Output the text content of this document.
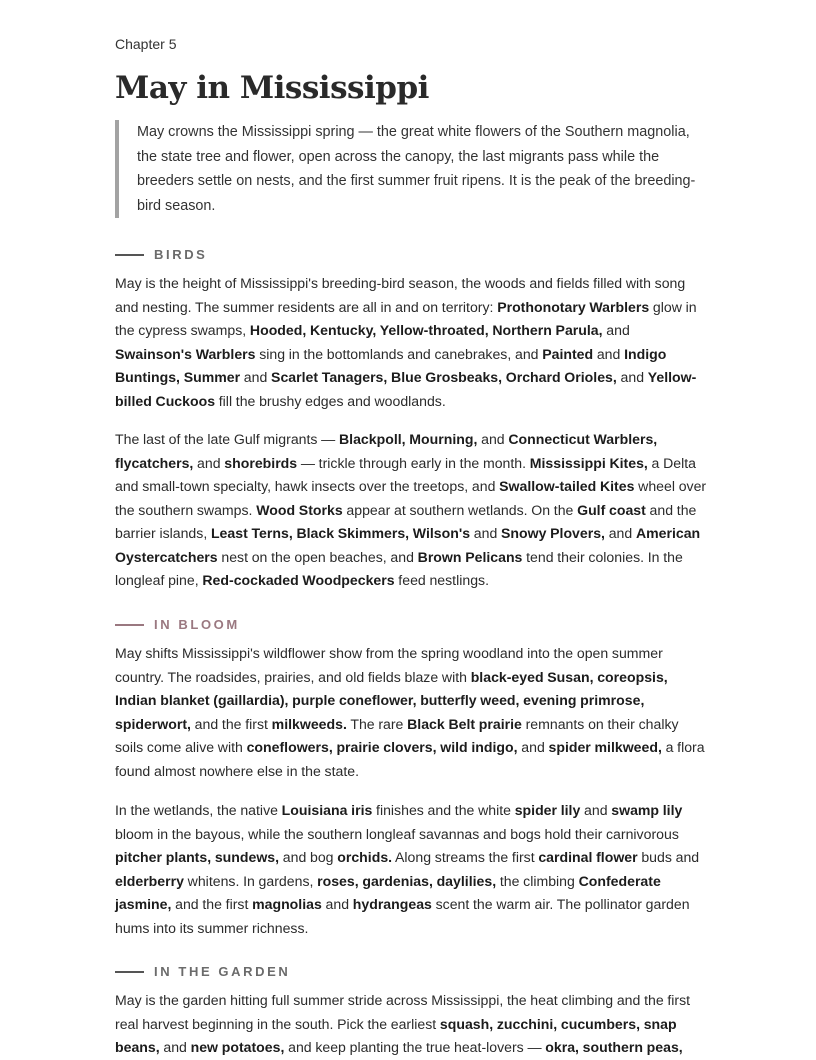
Chapter 5
May in Mississippi

May crowns the Mississippi spring — the great white flowers of the Southern magnolia, the state tree and flower, open across the canopy, the last migrants pass while the breeders settle on nests, and the first summer fruit ripens. It is the peak of the breeding-bird season.

BIRDS

May is the height of Mississippi's breeding-bird season, the woods and fields filled with song and nesting. The summer residents are all in and on territory: Prothonotary Warblers glow in the cypress swamps, Hooded, Kentucky, Yellow-throated, Northern Parula, and Swainson's Warblers sing in the bottomlands and canebrakes, and Painted and Indigo Buntings, Summer and Scarlet Tanagers, Blue Grosbeaks, Orchard Orioles, and Yellow-billed Cuckoos fill the brushy edges and woodlands.

The last of the late Gulf migrants — Blackpoll, Mourning, and Connecticut Warblers, flycatchers, and shorebirds — trickle through early in the month. Mississippi Kites, a Delta and small-town specialty, hawk insects over the treetops, and Swallow-tailed Kites wheel over the southern swamps. Wood Storks appear at southern wetlands. On the Gulf coast and the barrier islands, Least Terns, Black Skimmers, Wilson's and Snowy Plovers, and American Oystercatchers nest on the open beaches, and Brown Pelicans tend their colonies. In the longleaf pine, Red-cockaded Woodpeckers feed nestlings.

IN BLOOM

May shifts Mississippi's wildflower show from the spring woodland into the open summer country. The roadsides, prairies, and old fields blaze with black-eyed Susan, coreopsis, Indian blanket (gaillardia), purple coneflower, butterfly weed, evening primrose, spiderwort, and the first milkweeds. The rare Black Belt prairie remnants on their chalky soils come alive with coneflowers, prairie clovers, wild indigo, and spider milkweed, a flora found almost nowhere else in the state.

In the wetlands, the native Louisiana iris finishes and the white spider lily and swamp lily bloom in the bayous, while the southern longleaf savannas and bogs hold their carnivorous pitcher plants, sundews, and bog orchids. Along streams the first cardinal flower buds and elderberry whitens. In gardens, roses, gardenias, daylilies, the climbing Confederate jasmine, and the first magnolias and hydrangeas scent the warm air. The pollinator garden hums into its summer richness.

IN THE GARDEN

May is the garden hitting full summer stride across Mississippi, the heat climbing and the first real harvest beginning in the south. Pick the earliest squash, zucchini, cucumbers, snap beans, and new potatoes, and keep planting the true heat-lovers — okra, southern peas,
